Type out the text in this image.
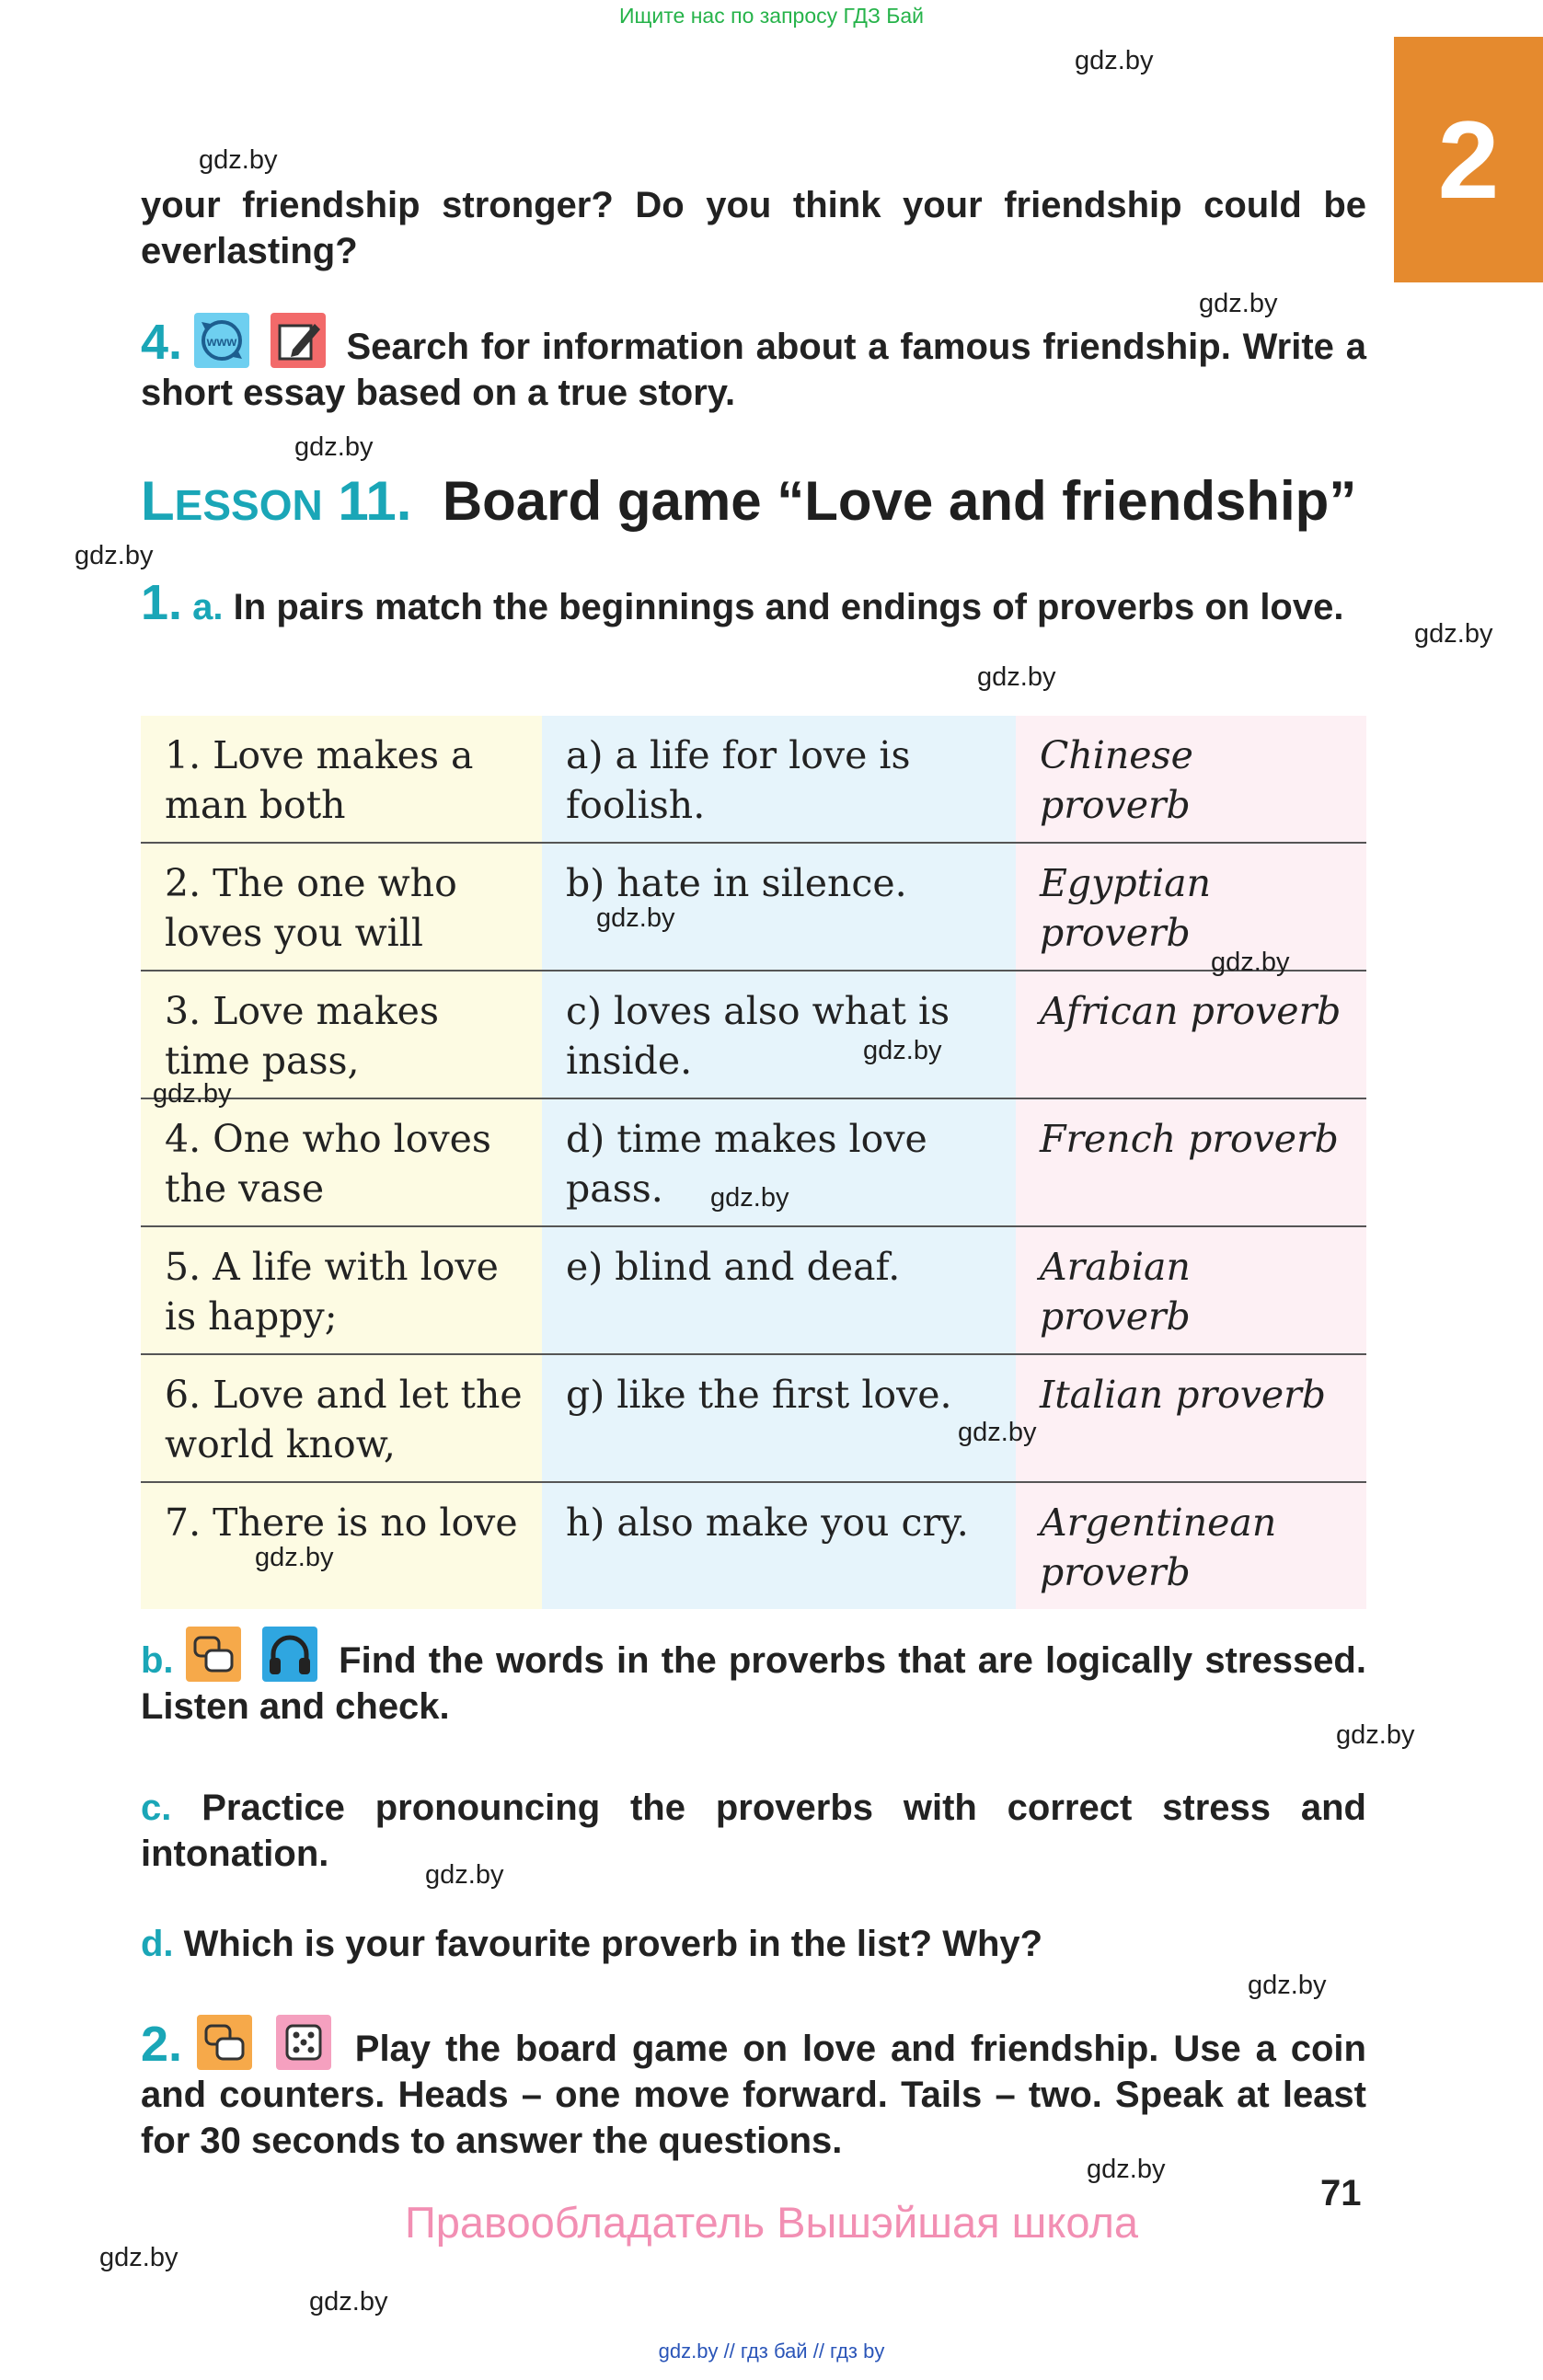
Ищите нас по запросу ГДЗ Бай
2
gdz.by
gdz.by
gdz.by
gdz.by
gdz.by
gdz.by
gdz.by
your friendship stronger? Do you think your friendship could be everlasting?
4. www	Search for information about a famous friendship. Write a short essay based on a true story.
LESSON 11. Board game “Love and friendship”
1. a. In pairs match the beginnings and endings of proverbs on love.
1. Love makes a man both	a) a life for love is foolish.	Chinese proverb
2. The one who loves you will	b) hate in silence.	Egyptian proverb
3. Love makes time pass,	c) loves also what is inside.	African proverb
4. One who loves the vase	d) time makes love pass.	French proverb
5. A life with love is happy;	e) blind and deaf.	Arabian proverb
6. Love and let the world know,	g) like the first love.	Italian proverb
7. There is no love	h) also make you cry.	Argentinean proverb
gdz.by
gdz.by
gdz.by
gdz.by
gdz.by
gdz.by
gdz.by
b.	Find the words in the proverbs that are logically stressed. Listen and check.
gdz.by
c. Practice pronouncing the proverbs with correct stress and intonation.
gdz.by
d. Which is your favourite proverb in the list? Why?
gdz.by
2.	Play the board game on love and friendship. Use a coin and counters. Heads – one move forward. Tails – two. Speak at least for 30 seconds to answer the questions.
gdz.by
71
Правообладатель Вышэйшая школа
gdz.by
gdz.by
gdz.by // гдз бай // гдз by
